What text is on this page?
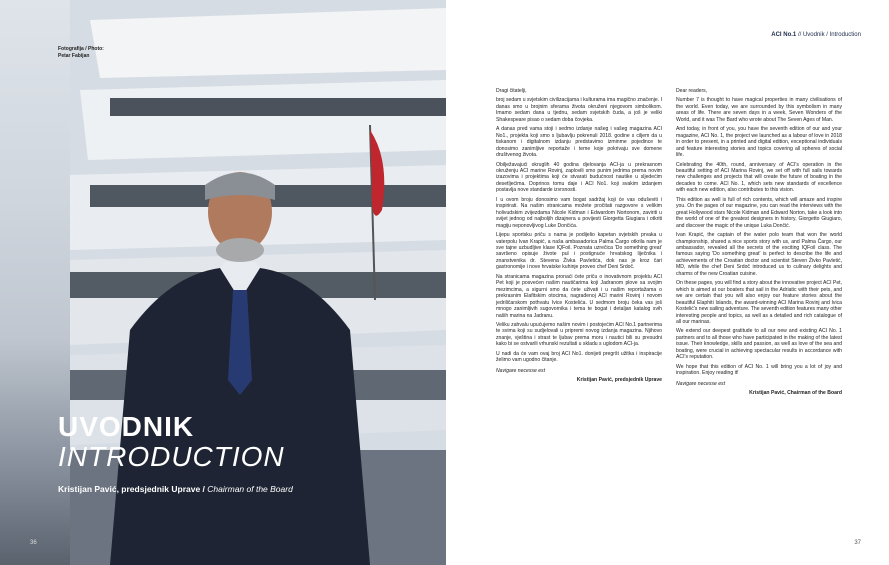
Fotografija / Photo:
Petar Fabijan
UVODNIK
INTRODUCTION
Kristijan Pavić, predsjednik Uprave / Chairman of the Board
36
ACI No.1 // Uvodnik / Introduction

Dragi čitatelji,

broj sedam u svjetskim civilizacijama i kulturama ima magično značenje. I danas smo u brojnim sferama života okruženi njegovom simbolikom. Imamo sedam dana u tjednu, sedam svjetskih čuda, a još je veliki Shakespeare pisao o sedam doba čovjeka.

A danas pred vama stoji i sedmo izdanje našeg i vašeg magazina ACI No1., projekta koji smo s ljubavlju pokrenuli 2018. godine s ciljem da u tiskanom i digitalnom izdanju predstavimo izminme pojedince te donosimo zanimljive reportaže i teme koje pokrivaju sve domene društvenog života.

Obilježavajući okruglih 40 godina djelovanja ACI-ja u prekrasnom okruženju ACI marine Rovinj, zaplovili smo punim jedrima prema novim izazovima i projektima koji će stvarati budućnost nautike u sljedećim desetljećima. Doprinos tomu daje i ACI No1. koji svakim izdanjem postavlja nove standarde izvrsnosti.

I u ovom broju donosimo vam bogat sadržaj koji će vas oduševiti i inspirirati. Na našim stranicama možete pročitati razgovore s velikim holivudskim zvijezdama Nicole Kidman i Edwardom Nortonom, zaviriti u svijet jednog od najboljih dizajnera u povijesti Giorgetta Giugiara i otkriti magiju neponovljivog Luke Dončića.

Lijepu sportsku priču s nama je podijelio kapetan svjetskih prvaka u vaterpolu Ivan Krapić, a naša ambasadorica Palma Čargo otkrila nam je sve tajne uzbudljive klase IQFoil. Poznata uzrečica 'Do something great' savršeno opisuje živote pul i postignuće hrvatskog liječnika i znanstvenika dr. Stevena Živka Pavletića, dok nas je kroz čari gastronomije i nove hrvatske kuhinje proveo chef Deni Srdoč.

Na stranicama magazina pronaći ćete priču o inovativnom projektu ACI Pet koji je posvećen našim nautičarima koji Jadranom plove sa svojim mezimcima, a sigurni smo da ćete uživati i u našim reportažama o prekrasnim Elafitskim otocima, nagrađenoj ACI marini Rovinj i novom jedriličarskom pothvatu Ivice Kostelića. U sedmom broju čeka vas još mnogo zanimljivih sugovornika i tema te bogat i detaljan katalog svih naših marina na Jadranu.

Veliku zahvalu upućujemo našim novim i postojećim ACI No.1 partnerima te svima koji su sudjelovali u pripremi novog izdanja magazina. Njihovo znanje, vještina i strast te ljubav prema moru i nautici bili su presudni kako bi se ostvarili vrhunski rezultati u skladu s uglodom ACI-ja.

U nadi da će vam ovaj broj ACI No1. donijeti pregršt užitka i inspiracije želimo vam ugodno čitanje.

Navigare necesse est

Kristijan Pavić, predsjednik Uprave

Dear readers,

Number 7 is thought to have magical properties in many civilisations of the world. Even today, we are surrounded by this symbolism in many areas of life. There are seven days in a week, Seven Wonders of the World, and it was The Bard who wrote about The Seven Ages of Man.

And today, in front of you, you have the seventh edition of our and your magazine, ACI No. 1, the project we launched as a labour of love in 2018 in order to present, in a printed and digital edition, exceptional individuals and feature interesting stories and topics covering all spheres of social life.

Celebrating the 40th, round, anniversary of ACI's operation in the beautiful setting of ACI Marina Rovinj, we set off with full sails towards new challenges and projects that will create the future of boating in the decades to come. ACI No. 1, which sets new standards of excellence with each new edition, also contributes to this vision.

This edition as well is full of rich contents, which will amaze and inspire you. On the pages of our magazine, you can read the interviews with the great Hollywood stars Nicole Kidman and Edward Norton, take a look into the world of one of the greatest designers in history, Giorgetto Giugiaro, and discover the magic of the unique Luka Dončić.

Ivan Krapić, the captain of the water polo team that won the world championship, shared a nice sports story with us, and Palma Čargo, our ambassador, revealed all the secrets of the exciting IQFoil class. The famous saying 'Do something great' is perfect to describe the life and achievements of the Croatian doctor and scientist Steven Živko Pavletić, MD, while the chef Deni Srdoč introduced us to culinary delights and charms of the new Croatian cuisine.

On these pages, you will find a story about the innovative project ACI Pet, which is aimed at our boaters that sail in the Adriatic with their pets, and we are certain that you will also enjoy our feature stories about the beautiful Elaphiti Islands, the award-winning ACI Marina Rovinj and Ivica Kostelić's new sailing adventure. The seventh edition features many other interesting people and topics, as well as a detailed and rich catalogue of all our marinas.

We extend our deepest gratitude to all our new and existing ACI No. 1 partners and to all those who have participated in the making of the latest issue. Their knowledge, skills and passion, as well as love of the sea and boating, were crucial in achieving spectacular results in accordance with ACI's reputation.

We hope that this edition of ACI No. 1 will bring you a lot of joy and inspiration. Enjoy reading it!

Navigare necesse est

Kristijan Pavić, Chairman of the Board

37
